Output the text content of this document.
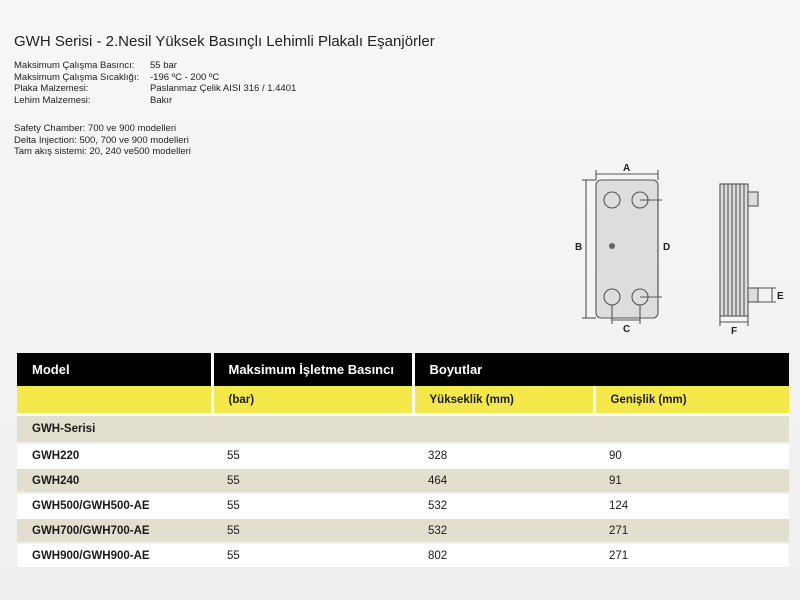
GWH Serisi - 2.Nesil Yüksek Basınçlı Lehimli Plakalı Eşanjörler
Maksimum Çalışma Basıncı:	55 bar
Maksimum Çalışma Sıcaklığı:	-196 ºC - 200 ºC
Plaka Malzemesi:	Paslanmaz Çelik AISI 316 / 1.4401
Lehim Malzemesi:	Bakır
Safety Chamber: 700 ve 900 modelleri
Delta Injection: 500, 700 ve 900 modelleri
Tam akış sistemi: 20, 240 ve500 modelleri
A
B
C
D
E
F
Model	Maksimum İşletme Basıncı	Boyutlar	
	(bar)	Yükseklik (mm)	Genişlik (mm)
GWH-Serisi			
GWH220	55	328	90
GWH240	55	464	91
GWH500/GWH500-AE	55	532	124
GWH700/GWH700-AE	55	532	271
GWH900/GWH900-AE	55	802	271
